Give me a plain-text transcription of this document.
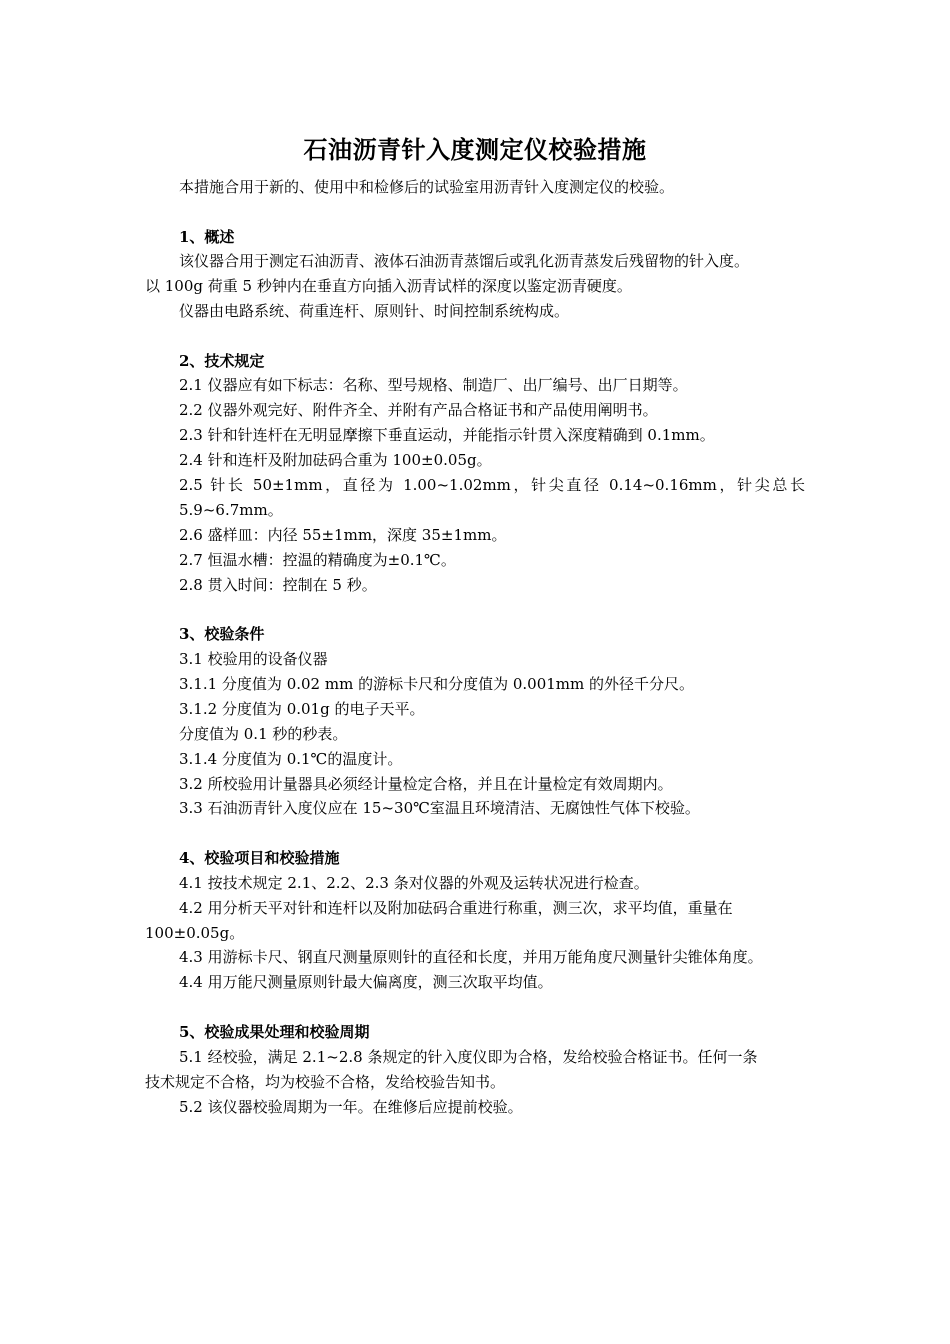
石油沥青针入度测定仪校验措施
本措施合用于新的、使用中和检修后的试验室用沥青针入度测定仪的校验。
1、概述
该仪器合用于测定石油沥青、液体石油沥青蒸馏后或乳化沥青蒸发后残留物的针入度。
以 100g 荷重 5 秒钟内在垂直方向插入沥青试样的深度以鉴定沥青硬度。
仪器由电路系统、荷重连杆、原则针、时间控制系统构成。
2、技术规定
2.1 仪器应有如下标志：名称、型号规格、制造厂、出厂编号、出厂日期等。
2.2 仪器外观完好、附件齐全、并附有产品合格证书和产品使用阐明书。
2.3 针和针连杆在无明显摩擦下垂直运动，并能指示针贯入深度精确到 0.1mm。
2.4 针和连杆及附加砝码合重为 100±0.05g。
2.5 针长 50±1mm，直径为 1.00~1.02mm，针尖直径 0.14~0.16mm，针尖总长
5.9~6.7mm。
2.6 盛样皿：内径 55±1mm，深度 35±1mm。
2.7 恒温水槽：控温的精确度为±0.1℃。
2.8 贯入时间：控制在 5 秒。
3、校验条件
3.1 校验用的设备仪器
3.1.1 分度值为 0.02 mm 的游标卡尺和分度值为 0.001mm 的外径千分尺。
3.1.2 分度值为 0.01g 的电子天平。
分度值为 0.1 秒的秒表。
3.1.4 分度值为 0.1℃的温度计。
3.2 所校验用计量器具必须经计量检定合格，并且在计量检定有效周期内。
3.3 石油沥青针入度仪应在 15~30℃室温且环境清洁、无腐蚀性气体下校验。
4、校验项目和校验措施
4.1 按技术规定 2.1、2.2、2.3 条对仪器的外观及运转状况进行检查。
4.2 用分析天平对针和连杆以及附加砝码合重进行称重，测三次，求平均值，重量在
100±0.05g。
4.3 用游标卡尺、钢直尺测量原则针的直径和长度，并用万能角度尺测量针尖锥体角度。
4.4 用万能尺测量原则针最大偏离度，测三次取平均值。
5、校验成果处理和校验周期
5.1 经校验，满足 2.1~2.8 条规定的针入度仪即为合格，发给校验合格证书。任何一条
技术规定不合格，均为校验不合格，发给校验告知书。
5.2 该仪器校验周期为一年。在维修后应提前校验。
